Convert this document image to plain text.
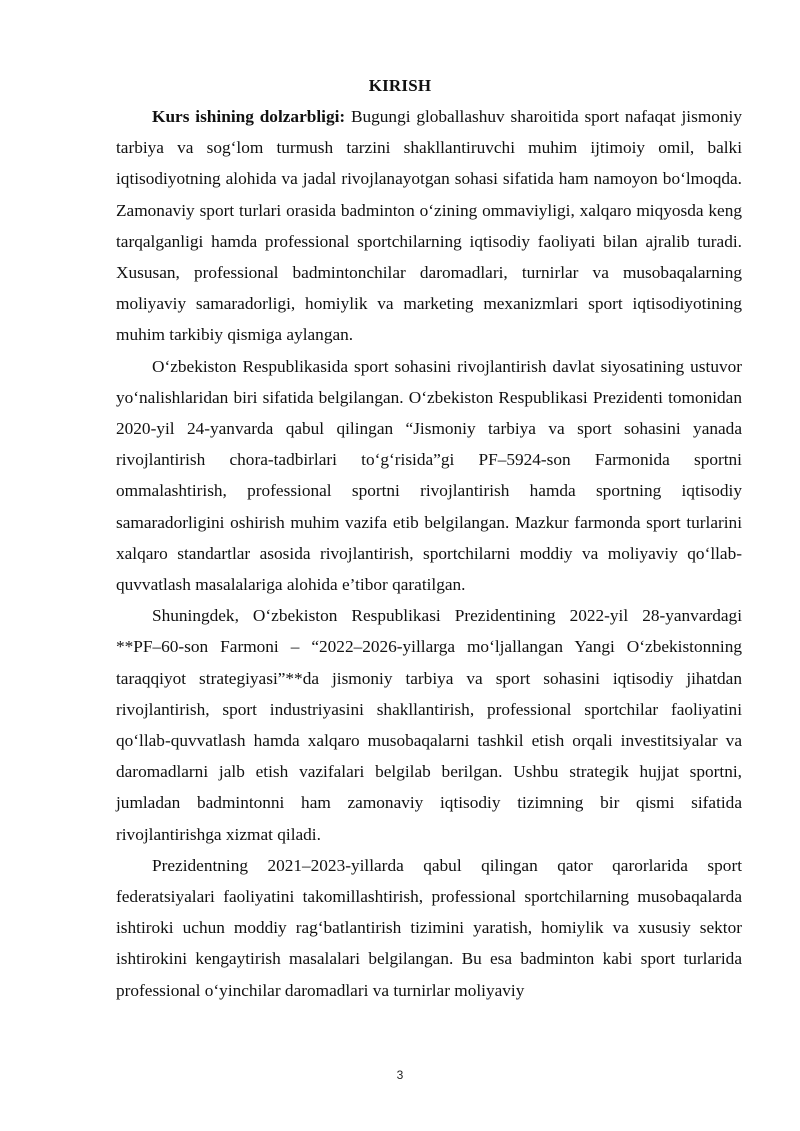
KIRISH

Kurs ishining dolzarbligi: Bugungi globallashuv sharoitida sport nafaqat jismoniy tarbiya va sog‘lom turmush tarzini shakllantiruvchi muhim ijtimoiy omil, balki iqtisodiyotning alohida va jadal rivojlanayotgan sohasi sifatida ham namoyon bo‘lmoqda. Zamonaviy sport turlari orasida badminton o‘zining ommaviyligi, xalqaro miqyosda keng tarqalganligi hamda professional sportchilarning iqtisodiy faoliyati bilan ajralib turadi. Xususan, professional badmintonchilar daromadlari, turnirlar va musobaqalarning moliyaviy samaradorligi, homiylik va marketing mexanizmlari sport iqtisodiyotining muhim tarkibiy qismiga aylangan.

O‘zbekiston Respublikasida sport sohasini rivojlantirish davlat siyosatining ustuvor yo‘nalishlaridan biri sifatida belgilangan. O‘zbekiston Respublikasi Prezidenti tomonidan 2020-yil 24-yanvarda qabul qilingan “Jismoniy tarbiya va sport sohasini yanada rivojlantirish chora-tadbirlari to‘g‘risida”gi PF–5924-son Farmonida sportni ommalashtirish, professional sportni rivojlantirish hamda sportning iqtisodiy samaradorligini oshirish muhim vazifa etib belgilangan. Mazkur farmonda sport turlarini xalqaro standartlar asosida rivojlantirish, sportchilarni moddiy va moliyaviy qo‘llab-quvvatlash masalalariga alohida e’tibor qaratilgan.

Shuningdek, O‘zbekiston Respublikasi Prezidentining 2022-yil 28-yanvardagi **PF–60-son Farmoni – “2022–2026-yillarga mo‘ljallangan Yangi O‘zbekistonning taraqqiyot strategiyasi”**da jismoniy tarbiya va sport sohasini iqtisodiy jihatdan rivojlantirish, sport industriyasini shakllantirish, professional sportchilar faoliyatini qo‘llab-quvvatlash hamda xalqaro musobaqalarni tashkil etish orqali investitsiyalar va daromadlarni jalb etish vazifalari belgilab berilgan. Ushbu strategik hujjat sportni, jumladan badmintonni ham zamonaviy iqtisodiy tizimning bir qismi sifatida rivojlantirishga xizmat qiladi.

Prezidentning 2021–2023-yillarda qabul qilingan qator qarorlarida sport federatsiyalari faoliyatini takomillashtirish, professional sportchilarning musobaqalarda ishtiroki uchun moddiy rag‘batlantirish tizimini yaratish, homiylik va xususiy sektor ishtirokini kengaytirish masalalari belgilangan. Bu esa badminton kabi sport turlarida professional o‘yinchilar daromadlari va turnirlar moliyaviy

3
